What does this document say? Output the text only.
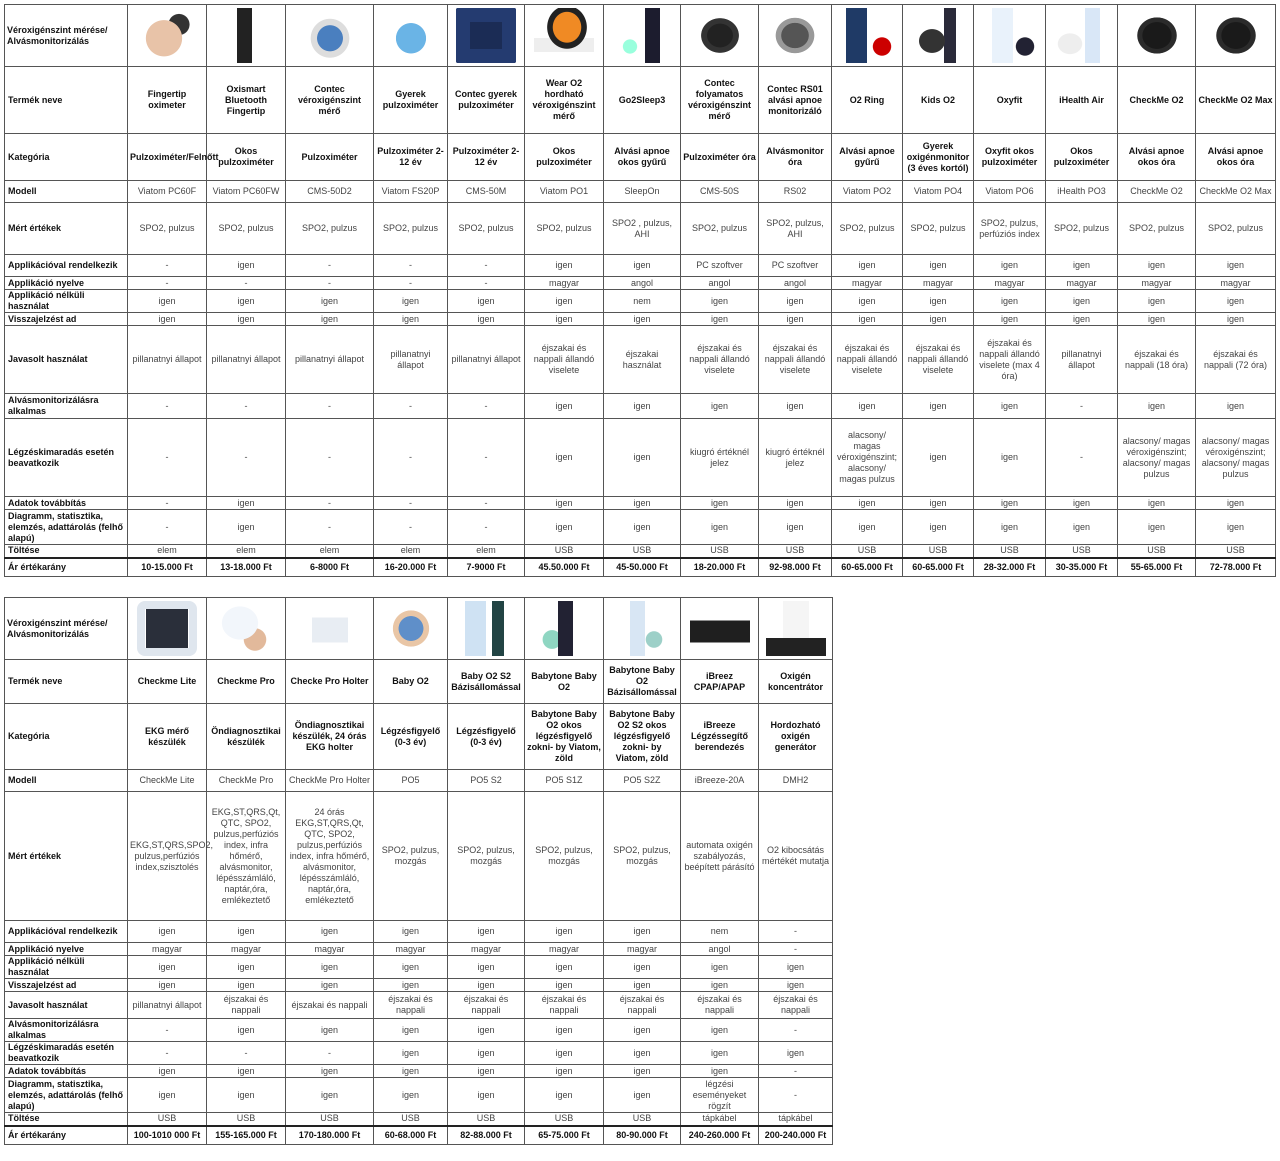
Véroxigénszint mérése/ Alvásmonitorizálás	

Termék neve	Fingertip oximeter	Oxismart Bluetooth Fingertip	Contec véroxigénszint mérő	Gyerek pulzoximéter	Contec gyerek pulzoximéter	Wear O2 hordható véroxigénszint mérő	Go2Sleep3	Contec folyamatos véroxigénszint mérő	Contec RS01 alvási apnoe monitorizáló	O2 Ring	Kids O2	Oxyfit	iHealth Air	CheckMe O2	CheckMe O2 Max
Kategória	Pulzoximéter/Felnőtt	Okos pulzoximéter	Pulzoximéter	Pulzoximéter 2-12 év	Pulzoximéter 2-12 év	Okos pulzoximéter	Alvási apnoe okos gyűrű	Pulzoximéter óra	Alvásmonitor óra	Alvási apnoe gyűrű	Gyerek oxigénmonitor (3 éves kortól)	Oxyfit okos pulzoximéter	Okos pulzoximéter	Alvási apnoe okos óra	Alvási apnoe okos óra
Modell	Viatom PC60F	Viatom PC60FW	CMS-50D2	Viatom FS20P	CMS-50M	Viatom PO1	SleepOn	CMS-50S	RS02	Viatom PO2	Viatom PO4	Viatom PO6	iHealth PO3	CheckMe O2	CheckMe O2 Max
Mért értékek	SPO2, pulzus	SPO2, pulzus	SPO2, pulzus	SPO2, pulzus	SPO2, pulzus	SPO2, pulzus	SPO2 , pulzus, AHI	SPO2, pulzus	SPO2, pulzus, AHI	SPO2, pulzus	SPO2, pulzus	SPO2, pulzus, perfúziós index	SPO2, pulzus	SPO2, pulzus	SPO2, pulzus
Applikációval rendelkezik	-	igen	-	-	-	igen	igen	PC szoftver	PC szoftver	igen	igen	igen	igen	igen	igen
Applikáció nyelve	-	-	-	-	-	magyar	angol	angol	angol	magyar	magyar	magyar	magyar	magyar	magyar
Applikáció nélküli használat	igen	igen	igen	igen	igen	igen	nem	igen	igen	igen	igen	igen	igen	igen	igen
Visszajelzést ad	igen	igen	igen	igen	igen	igen	igen	igen	igen	igen	igen	igen	igen	igen	igen
Javasolt használat	pillanatnyi állapot	pillanatnyi állapot	pillanatnyi állapot	pillanatnyi állapot	pillanatnyi állapot	éjszakai és nappali állandó viselete	éjszakai használat	éjszakai és nappali állandó viselete	éjszakai és nappali állandó viselete	éjszakai és nappali állandó viselete	éjszakai és nappali állandó viselete	éjszakai és nappali állandó viselete (max 4 óra)	pillanatnyi állapot	éjszakai és nappali (18 óra)	éjszakai és nappali (72 óra)
Alvásmonitorizálásra alkalmas	-	-	-	-	-	igen	igen	igen	igen	igen	igen	igen	-	igen	igen
Légzéskimaradás esetén beavatkozik	-	-	-	-	-	igen	igen	kiugró értéknél jelez	kiugró értéknél jelez	alacsony/ magas véroxigénszint; alacsony/ magas pulzus	igen	igen	-	alacsony/ magas véroxigénszint; alacsony/ magas pulzus	alacsony/ magas véroxigénszint; alacsony/ magas pulzus
Adatok továbbítás	-	igen	-	-	-	igen	igen	igen	igen	igen	igen	igen	igen	igen	igen
Diagramm, statisztika, elemzés, adattárolás (felhő alapú)	-	igen	-	-	-	igen	igen	igen	igen	igen	igen	igen	igen	igen	igen
Töltése	elem	elem	elem	elem	elem	USB	USB	USB	USB	USB	USB	USB	USB	USB	USB
Ár értékarány	10-15.000 Ft	13-18.000 Ft	6-8000 Ft	16-20.000 Ft	7-9000 Ft	45.50.000 Ft	45-50.000 Ft	18-20.000 Ft	92-98.000 Ft	60-65.000 Ft	60-65.000 Ft	28-32.000 Ft	30-35.000 Ft	55-65.000 Ft	72-78.000 Ft
Véroxigénszint mérése/ Alvásmonitorizálás	

Termék neve	Checkme Lite	Checkme Pro	Checke Pro Holter	Baby O2	Baby O2 S2 Bázisállomással	Babytone Baby O2	Babytone Baby O2 Bázisállomással	iBreez CPAP/APAP	Oxigén koncentrátor
Kategória	EKG mérő készülék	Öndiagnosztikai készülék	Öndiagnosztikai készülék, 24 órás EKG holter	Légzésfigyelő (0-3 év)	Légzésfigyelő (0-3 év)	Babytone Baby O2 okos légzésfigyelő zokni- by Viatom, zöld	Babytone Baby O2 S2 okos légzésfigyelő zokni- by Viatom, zöld	iBreeze Légzéssegítő berendezés	Hordozható oxigén generátor
Modell	CheckMe Lite	CheckMe Pro	CheckMe Pro Holter	PO5	PO5 S2	PO5 S1Z	PO5 S2Z	iBreeze-20A	DMH2
Mért értékek	EKG,ST,QRS,SPO2, pulzus,perfúziós index,szisztolés	EKG,ST,QRS,Qt, QTC, SPO2, pulzus,perfúziós index, infra hőmérő, alvásmonitor, lépésszámláló, naptár,óra, emlékeztető	24 órás EKG,ST,QRS,Qt, QTC, SPO2, pulzus,perfúziós index, infra hőmérő, alvásmonitor, lépésszámláló, naptár,óra, emlékeztető	SPO2, pulzus, mozgás	SPO2, pulzus, mozgás	SPO2, pulzus, mozgás	SPO2, pulzus, mozgás	automata oxigén szabályozás, beépített párásító	O2 kibocsátás mértékét mutatja
Applikációval rendelkezik	igen	igen	igen	igen	igen	igen	igen	nem	-
Applikáció nyelve	magyar	magyar	magyar	magyar	magyar	magyar	magyar	angol	-
Applikáció nélküli használat	igen	igen	igen	igen	igen	igen	igen	igen	igen
Visszajelzést ad	igen	igen	igen	igen	igen	igen	igen	igen	igen
Javasolt használat	pillanatnyi állapot	éjszakai és nappali	éjszakai és nappali	éjszakai és nappali	éjszakai és nappali	éjszakai és nappali	éjszakai és nappali	éjszakai és nappali	éjszakai és nappali
Alvásmonitorizálásra alkalmas	-	igen	igen	igen	igen	igen	igen	igen	-
Légzéskimaradás esetén beavatkozik	-	-	-	igen	igen	igen	igen	igen	igen
Adatok továbbítás	igen	igen	igen	igen	igen	igen	igen	igen	-
Diagramm, statisztika, elemzés, adattárolás (felhő alapú)	igen	igen	igen	igen	igen	igen	igen	légzési eseményeket rögzít	-
Töltése	USB	USB	USB	USB	USB	USB	USB	tápkábel	tápkábel
Ár értékarány	100-1010 000 Ft	155-165.000 Ft	170-180.000 Ft	60-68.000 Ft	82-88.000 Ft	65-75.000 Ft	80-90.000 Ft	240-260.000 Ft	200-240.000 Ft
